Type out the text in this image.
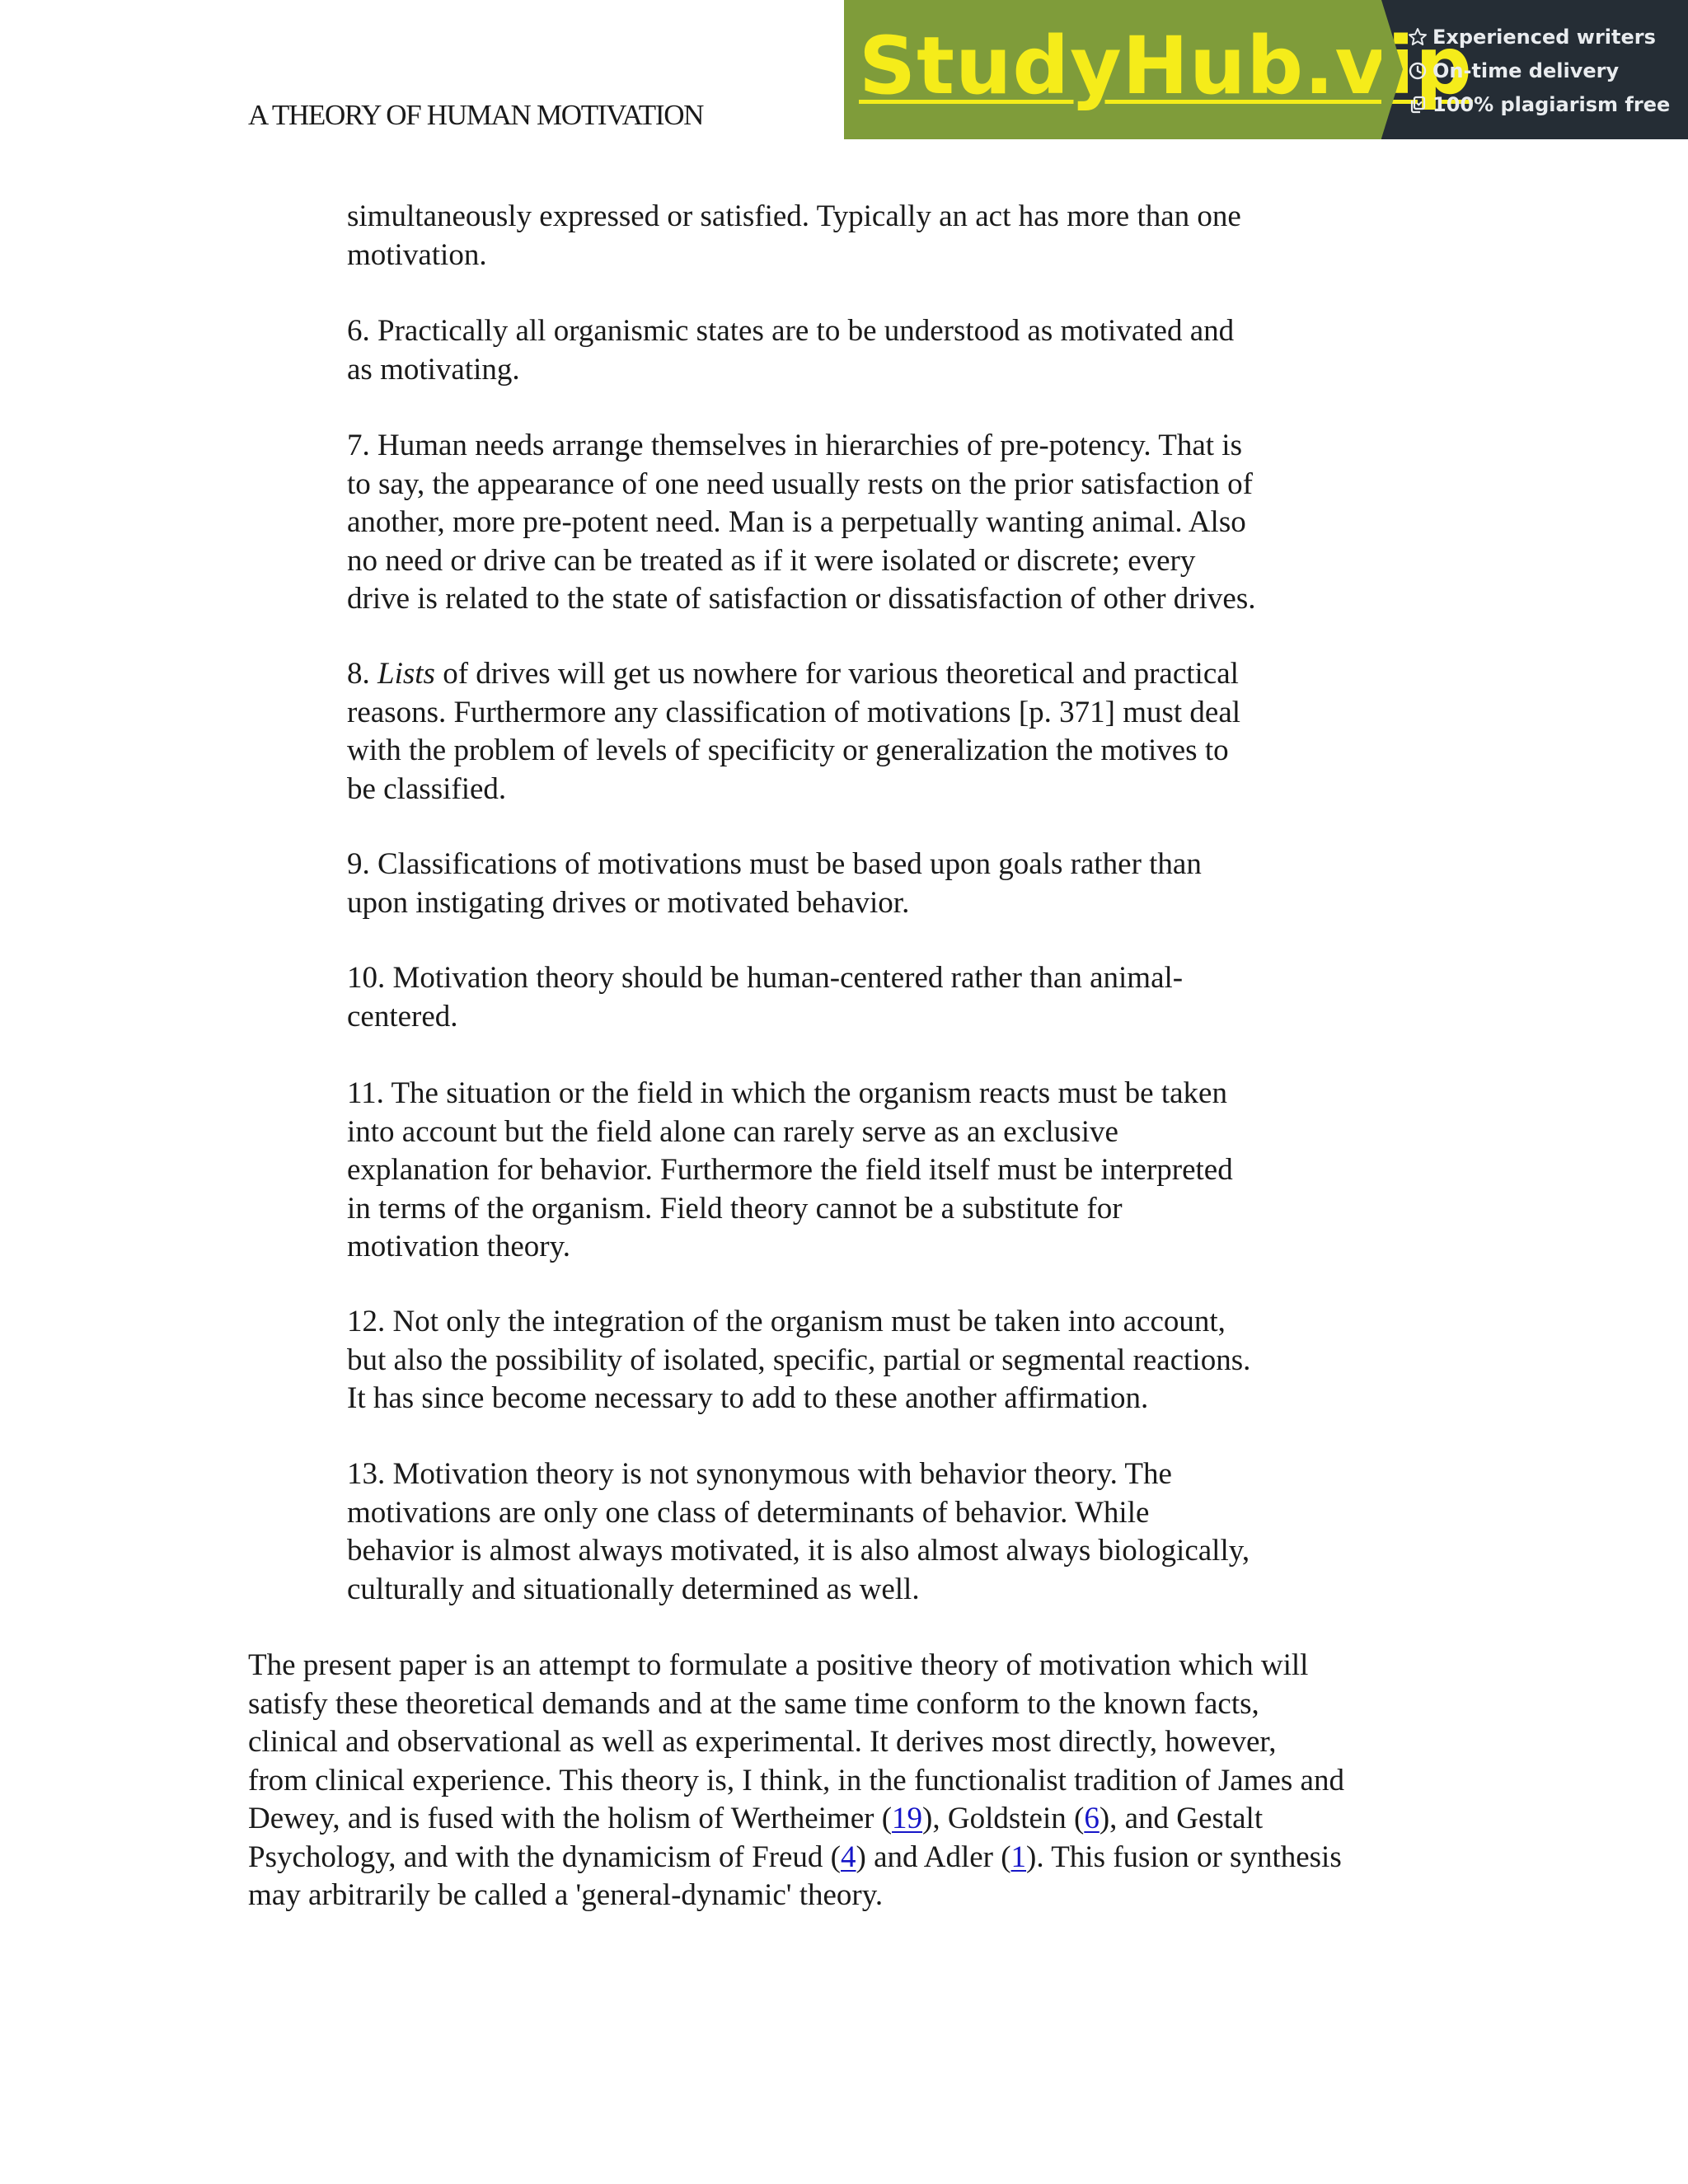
A THEORY OF HUMAN MOTIVATION
StudyHub.vip
Experienced writers
On-time delivery
100% plagiarism free

simultaneously expressed or satisfied. Typically an act has more than one
motivation.

6. Practically all organismic states are to be understood as motivated and
as motivating.

7. Human needs arrange themselves in hierarchies of pre-potency. That is
to say, the appearance of one need usually rests on the prior satisfaction of
another, more pre-potent need. Man is a perpetually wanting animal. Also
no need or drive can be treated as if it were isolated or discrete; every
drive is related to the state of satisfaction or dissatisfaction of other drives.

8. Lists of drives will get us nowhere for various theoretical and practical
reasons. Furthermore any classification of motivations [p. 371] must deal
with the problem of levels of specificity or generalization the motives to
be classified.

9. Classifications of motivations must be based upon goals rather than
upon instigating drives or motivated behavior.

10. Motivation theory should be human-centered rather than animal-
centered.

11. The situation or the field in which the organism reacts must be taken
into account but the field alone can rarely serve as an exclusive
explanation for behavior. Furthermore the field itself must be interpreted
in terms of the organism. Field theory cannot be a substitute for
motivation theory.

12. Not only the integration of the organism must be taken into account,
but also the possibility of isolated, specific, partial or segmental reactions.
It has since become necessary to add to these another affirmation.

13. Motivation theory is not synonymous with behavior theory. The
motivations are only one class of determinants of behavior. While
behavior is almost always motivated, it is also almost always biologically,
culturally and situationally determined as well.

The present paper is an attempt to formulate a positive theory of motivation which will
satisfy these theoretical demands and at the same time conform to the known facts,
clinical and observational as well as experimental. It derives most directly, however,
from clinical experience. This theory is, I think, in the functionalist tradition of James and
Dewey, and is fused with the holism of Wertheimer (19), Goldstein (6), and Gestalt
Psychology, and with the dynamicism of Freud (4) and Adler (1). This fusion or synthesis
may arbitrarily be called a 'general-dynamic' theory.
